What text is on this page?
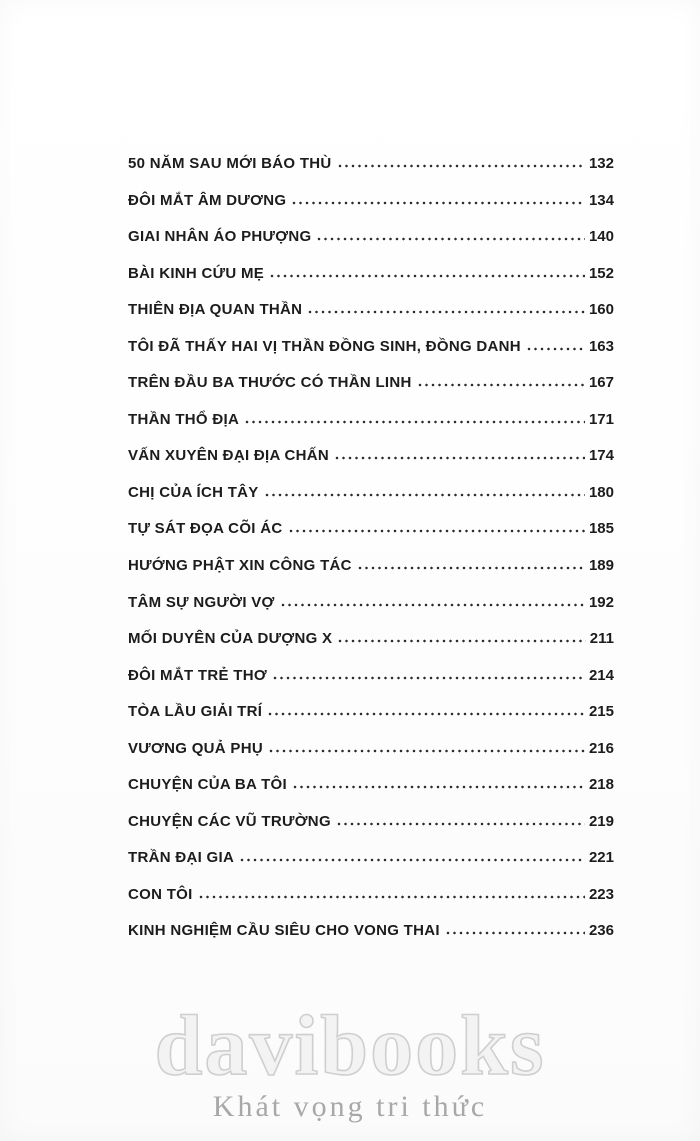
50 NĂM SAU MỚI BÁO THÙ	132
ĐÔI MẮT ÂM DƯƠNG	134
GIAI NHÂN ÁO PHƯỢNG	140
BÀI KINH CỨU MẸ	152
THIÊN ĐỊA QUAN THẦN	160
TÔI ĐÃ THẤY HAI VỊ THẦN ĐỒNG SINH, ĐỒNG DANH	163
TRÊN ĐẦU BA THƯỚC CÓ THẦN LINH	167
THẦN THỔ ĐỊA	171
VẤN XUYÊN ĐẠI ĐỊA CHẤN	174
CHỊ CỦA ÍCH TÂY	180
TỰ SÁT ĐỌA CÕI ÁC	185
HƯỚNG PHẬT XIN CÔNG TÁC	189
TÂM SỰ NGƯỜI VỢ	192
MỐI DUYÊN CỦA DƯỢNG X	211
ĐÔI MẮT TRẺ THƠ	214
TÒA LẦU GIẢI TRÍ	215
VƯƠNG QUẢ PHỤ	216
CHUYỆN CỦA BA TÔI	218
CHUYỆN CÁC VŨ TRƯỜNG	219
TRẦN ĐẠI GIA	221
CON TÔI	223
KINH NGHIỆM CẦU SIÊU CHO VONG THAI	236
davibooks
Khát vọng tri thức
